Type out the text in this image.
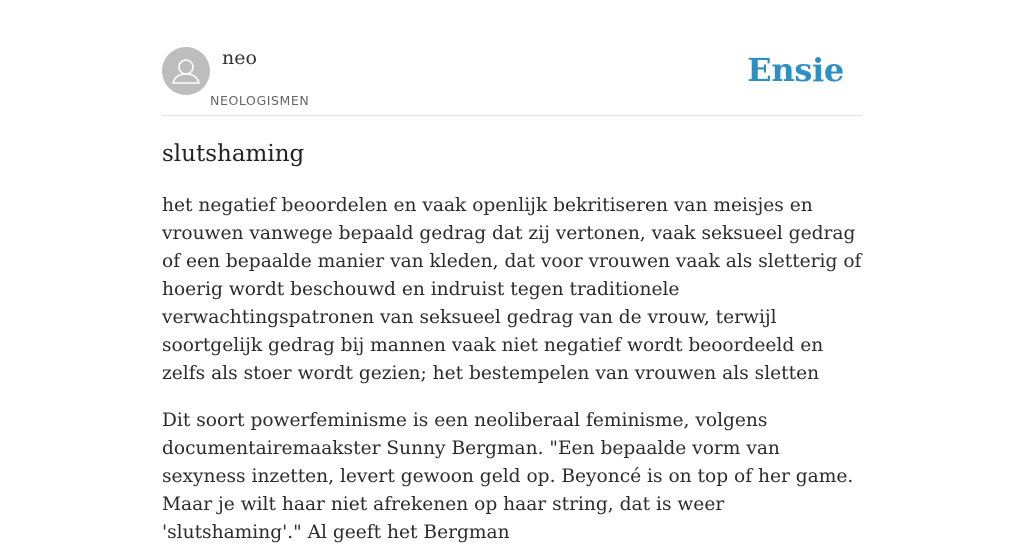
neo
NEOLOGISMEN
Ensie
slutshaming

het negatief beoordelen en vaak openlijk bekritiseren van meisjes en vrouwen vanwege bepaald gedrag dat zij vertonen, vaak seksueel gedrag of een bepaalde manier van kleden, dat voor vrouwen vaak als sletterig of hoerig wordt beschouwd en indruist tegen traditionele verwachtingspatronen van seksueel gedrag van de vrouw, terwijl soortgelijk gedrag bij mannen vaak niet negatief wordt beoordeeld en zelfs als stoer wordt gezien; het bestempelen van vrouwen als sletten

Dit soort powerfeminisme is een neoliberaal feminisme, volgens documentairemaakster Sunny Bergman. "Een bepaalde vorm van sexyness inzetten, levert gewoon geld op. Beyoncé is on top of her game. Maar je wilt haar niet afrekenen op haar string, dat is weer 'slutshaming'." Al geeft het Bergman
